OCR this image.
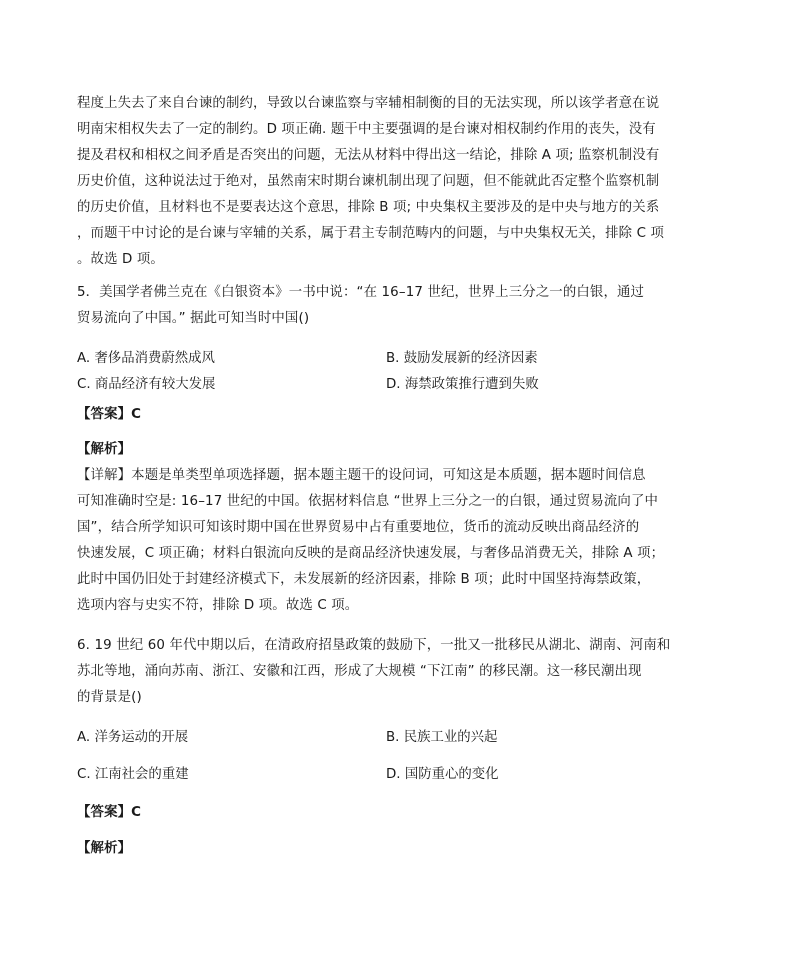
程度上失去了来自台谏的制约，导致以台谏监察与宰辅相制衡的目的无法实现，所以该学者意在说
明南宋相权失去了一定的制约。D 项正确. 题干中主要强调的是台谏对相权制约作用的丧失，没有
提及君权和相权之间矛盾是否突出的问题，无法从材料中得出这一结论，排除 A 项; 监察机制没有
历史价值，这种说法过于绝对，虽然南宋时期台谏机制出现了问题，但不能就此否定整个监察机制
的历史价值，且材料也不是要表达这个意思，排除 B 项; 中央集权主要涉及的是中央与地方的关系
，而题干中讨论的是台谏与宰辅的关系，属于君主专制范畴内的问题，与中央集权无关，排除 C 项
。故选 D 项。
5．美国学者佛兰克在《白银资本》一书中说：“在 16–17 世纪，世界上三分之一的白银，通过
贸易流向了中国。” 据此可知当时中国()
A. 奢侈品消费蔚然成风	B. 鼓励发展新的经济因素
C. 商品经济有较大发展	D. 海禁政策推行遭到失败
【答案】C
【解析】
【详解】本题是单类型单项选择题，据本题主题干的设问词，可知这是本质题，据本题时间信息
可知准确时空是: 16–17 世纪的中国。依据材料信息 “世界上三分之一的白银，通过贸易流向了中
国”，结合所学知识可知该时期中国在世界贸易中占有重要地位，货币的流动反映出商品经济的
快速发展，C 项正确；材料白银流向反映的是商品经济快速发展，与奢侈品消费无关，排除 A 项；
此时中国仍旧处于封建经济模式下，未发展新的经济因素，排除 B 项；此时中国坚持海禁政策，
选项内容与史实不符，排除 D 项。故选 C 项。
6. 19 世纪 60 年代中期以后，在清政府招垦政策的鼓励下，一批又一批移民从湖北、湖南、河南和
苏北等地，涌向苏南、浙江、安徽和江西，形成了大规模 “下江南” 的移民潮。这一移民潮出现
的背景是()
A. 洋务运动的开展	B. 民族工业的兴起
C. 江南社会的重建	D. 国防重心的变化
【答案】C
【解析】
